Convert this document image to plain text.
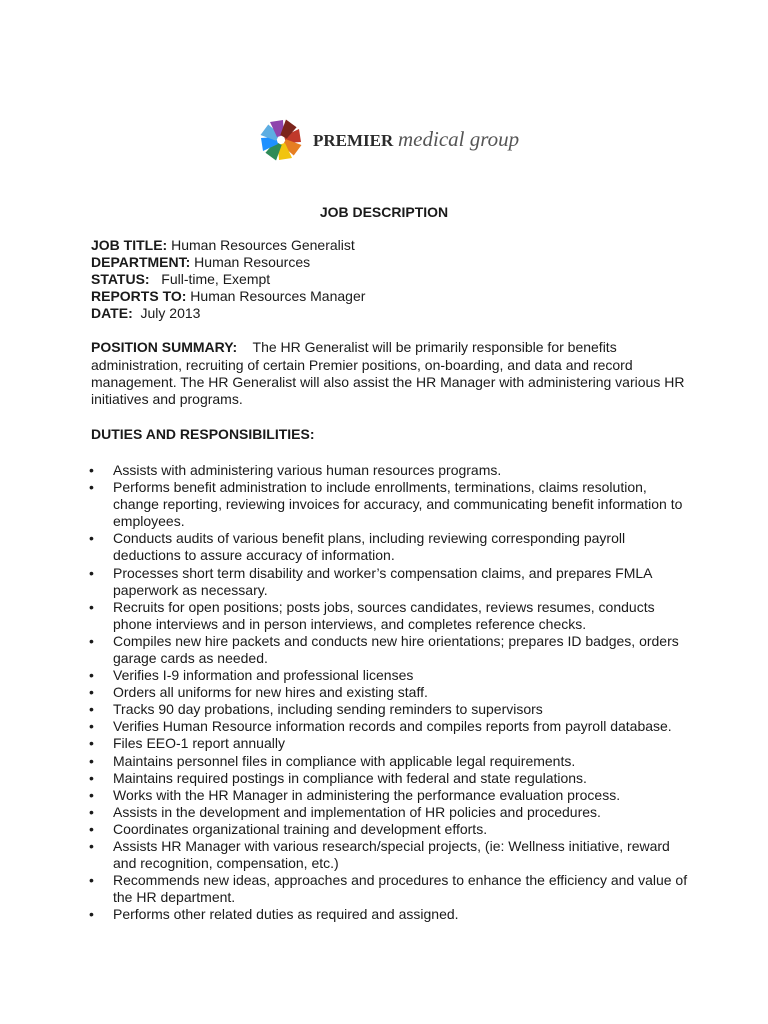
PREMIER medical group
JOB DESCRIPTION

JOB TITLE: Human Resources Generalist

DEPARTMENT: Human Resources

STATUS:   Full-time, Exempt

REPORTS TO: Human Resources Manager

DATE:  July 2013

POSITION SUMMARY: The HR Generalist will be primarily responsible for benefits administration, recruiting of certain Premier positions, on-boarding, and data and record management. The HR Generalist will also assist the HR Manager with administering various HR initiatives and programs.

DUTIES AND RESPONSIBILITIES:
• Assists with administering various human resources programs.
• Performs benefit administration to include enrollments, terminations, claims resolution, change reporting, reviewing invoices for accuracy, and communicating benefit information to employees.
• Conducts audits of various benefit plans, including reviewing corresponding payroll deductions to assure accuracy of information.
• Processes short term disability and worker’s compensation claims, and prepares FMLA paperwork as necessary.
• Recruits for open positions; posts jobs, sources candidates, reviews resumes, conducts phone interviews and in person interviews, and completes reference checks.
• Compiles new hire packets and conducts new hire orientations; prepares ID badges, orders garage cards as needed.
• Verifies I-9 information and professional licenses
• Orders all uniforms for new hires and existing staff.
• Tracks 90 day probations, including sending reminders to supervisors
• Verifies Human Resource information records and compiles reports from payroll database.
• Files EEO-1 report annually
• Maintains personnel files in compliance with applicable legal requirements.
• Maintains required postings in compliance with federal and state regulations.
• Works with the HR Manager in administering the performance evaluation process.
• Assists in the development and implementation of HR policies and procedures.
• Coordinates organizational training and development efforts.
• Assists HR Manager with various research/special projects, (ie: Wellness initiative, reward and recognition, compensation, etc.)
• Recommends new ideas, approaches and procedures to enhance the efficiency and value of the HR department.
• Performs other related duties as required and assigned.
